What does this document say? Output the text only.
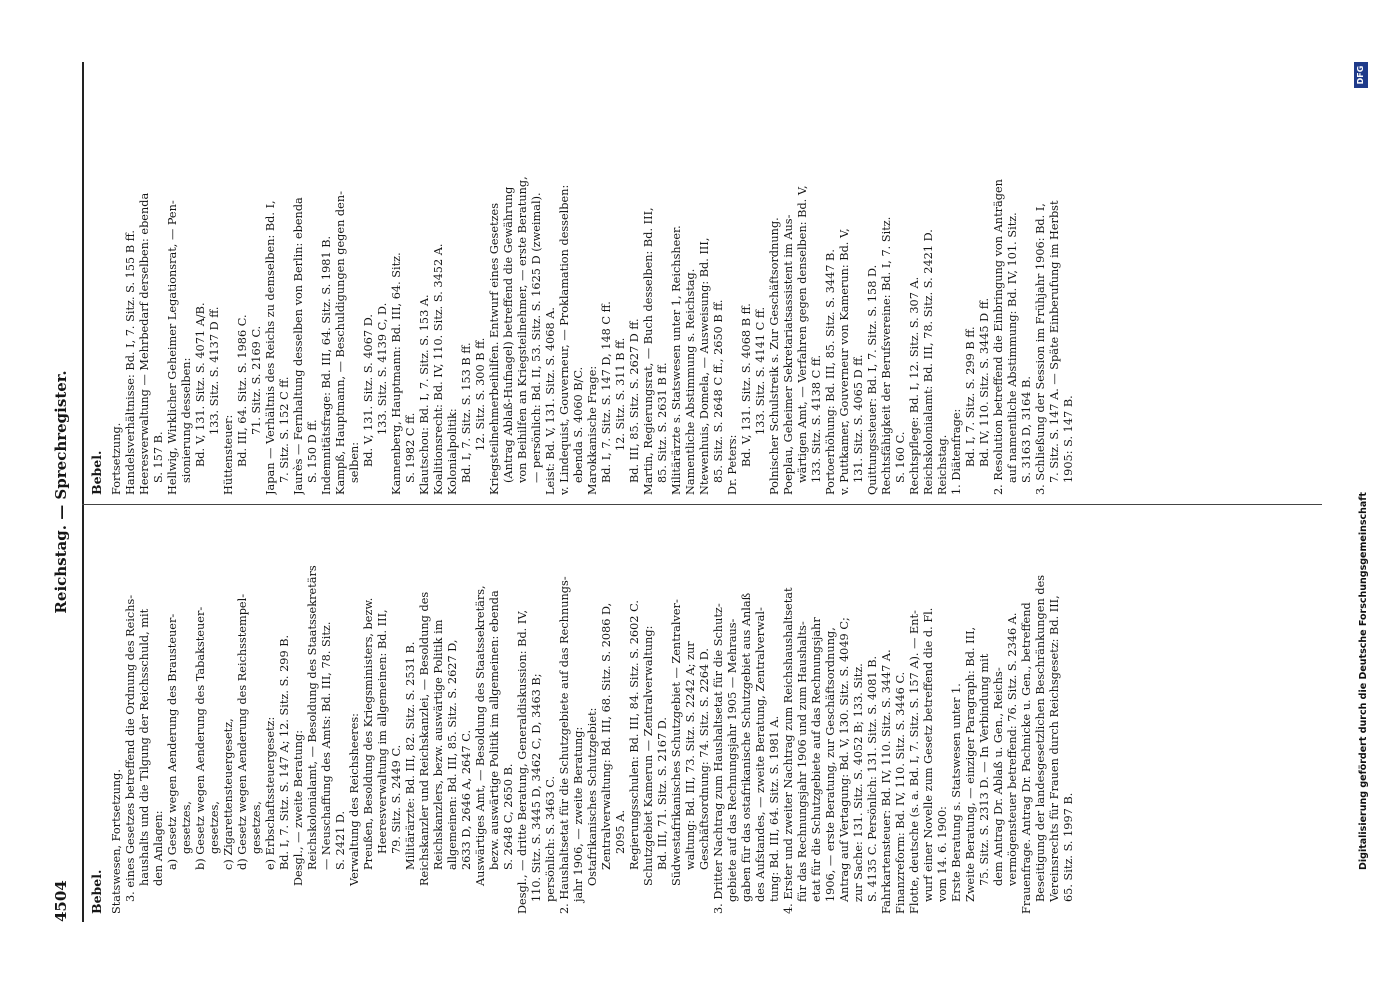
4504
Reichstag. — Sprechregister.
Bebel. Statswesen, Fortsetzung. 3. eines Gesetzes betreffend die Ordnung des Reichs- haushalts und die Tilgung der Reichsschuld, mit den Anlagen: a) Gesetz wegen Aenderung des Brausteuer- gesetzes, b) Gesetz wegen Aenderung des Tabaksteuer- gesetzes, c) Zigarettensteuergesetz, d) Gesetz wegen Aenderung des Reichsstempel- gesetzes, e) Erbschaftssteuergesetz: Bd. I, 7. Sitz. S. 147 A; 12. Sitz. S. 299 B. Desgl., — zweite Beratung: Reichskolonialamt, — Besoldung des Staatssekretärs — Neuschaffung des Amts: Bd. III, 78. Sitz. S. 2421 D. Verwaltung des Reichsheeres: Preußen, Besoldung des Kriegsministers, bezw. Heeresverwaltung im allgemeinen: Bd. III, 79. Sitz. S. 2449 C. Militärärzte: Bd. III, 82. Sitz. S. 2531 B. Reichskanzler und Reichskanzlei, — Besoldung des Reichskanzlers, bezw. auswärtige Politik im allgemeinen: Bd. III, 85. Sitz. S. 2627 D, 2633 D, 2646 A, 2647 C. Auswärtiges Amt, — Besoldung des Staatssekretärs, bezw. auswärtige Politik im allgemeinen: ebenda S. 2648 C, 2650 B. Desgl., — dritte Beratung, Generaldiskussion: Bd. IV, 110. Sitz. S. 3445 D, 3462 C, D, 3463 B; persönlich: S. 3463 C. 2. Haushaltsetat für die Schutzgebiete auf das Rechnungs- jahr 1906, — zweite Beratung: Ostafrikanisches Schutzgebiet: Zentralverwaltung: Bd. III, 68. Sitz. S. 2086 D, 2095 A. Regierungsschulen: Bd. III, 84. Sitz. S. 2602 C. Schutzgebiet Kamerun — Zentralverwaltung: Bd. III, 71. Sitz. S. 2167 D. Südwestafrikanisches Schutzgebiet — Zentralver- waltung: Bd. III, 73. Sitz. S. 2242 A; zur Geschäftsordnung: 74. Sitz. S. 2264 D. 3. Dritter Nachtrag zum Haushaltsetat für die Schutz- gebiete auf das Rechnungsjahr 1905 — Mehraus- gaben für das ostafrikanische Schutzgebiet aus Anlaß des Aufstandes, — zweite Beratung, Zentralverwal- tung: Bd. III, 64. Sitz. S. 1981 A. 4. Erster und zweiter Nachtrag zum Reichshaushaltsetat für das Rechnungsjahr 1906 und zum Haushalts- etat für die Schutzgebiete auf das Rechnungsjahr 1906, — erste Beratung, zur Geschäftsordnung, Antrag auf Vertagung: Bd. V, 130. Sitz. S. 4049 C; zur Sache: 131. Sitz. S. 4052 B; 133. Sitz. S. 4135 C. Persönlich: 131. Sitz. S. 4081 B. Fahrkartensteuer: Bd. IV, 110. Sitz. S. 3447 A. Finanzreform: Bd. IV, 110. Sitz. S. 3446 C. Flotte, deutsche (s. a. Bd. I, 7. Sitz. S. 157 A). — Ent- wurf einer Novelle zum Gesetz betreffend die d. Fl. vom 14. 6. 1900: Erste Beratung s. Statswesen unter 1. Zweite Beratung, — einziger Paragraph: Bd. III, 75. Sitz. S. 2313 D. — In Verbindung mit dem Antrag Dr. Ablaß u. Gen., Reichs- vermögensteuer betreffend: 76. Sitz. S. 2346 A. Frauenfrage. Antrag Dr. Pachnicke u. Gen., betreffend Beseitigung der landesgesetzlichen Beschränkungen des Vereinsrechts für Frauen durch Reichsgesetz: Bd. III, 65. Sitz. S. 1997 B.
Bebel. Fortsetzung. Handelsverhältnisse: Bd. I, 7. Sitz. S. 155 B ff. Heeresverwaltung — Mehrbedarf derselben: ebenda S. 157 B. Hellwig, Wirklicher Geheimer Legationsrat, — Pen- sionierung desselben: Bd. V, 131. Sitz. S. 4071 A/B. 133. Sitz. S. 4137 D ff.
Hüttensteuer: Bd. III, 64. Sitz. S. 1986 C. 71. Sitz. S. 2169 C. Japan — Verhältnis des Reichs zu demselben: Bd. I, 7. Sitz. S. 152 C ff. Jaurès — Fernhaltung desselben von Berlin: ebenda S. 150 D ff. Indemnitätsfrage: Bd. III, 64. Sitz. S. 1981 B. Kampß, Hauptmann, — Beschuldigungen gegen den- selben: Bd. V, 131. Sitz. S. 4067 D. 133. Sitz. S. 4139 C, D. Kannenberg, Hauptmann: Bd. III, 64. Sitz. S. 1982 C ff. Klautschou: Bd. I, 7. Sitz. S. 153 A. Koalitionsrecht: Bd. IV, 110. Sitz. S. 3452 A. Kolonialpolitik: Bd. I, 7. Sitz. S. 153 B ff. 12. Sitz. S. 300 B ff. Kriegsteilnehmerbeihilfen. Entwurf eines Gesetzes (Antrag Ablaß-Hufnagel) betreffend die Gewährung von Beihilfen an Kriegsteilnehmer, — erste Beratung, — persönlich: Bd. II, 53. Sitz. S. 1625 D (zweimal). Leist: Bd. V, 131. Sitz. S. 4068 A. v. Lindequist, Gouverneur, — Proklamation desselben: ebenda S. 4060 B/C. Marokkanische Frage: Bd. I, 7. Sitz. S. 147 D, 148 C ff. 12. Sitz. S. 311 B ff. Bd. III, 85. Sitz. S. 2627 D ff. Martin, Regierungsrat, — Buch desselben: Bd. III, 85. Sitz. S. 2631 B ff. Militärärzte s. Statswesen unter 1, Reichsheer. Namentliche Abstimmung s. Reichstag. Ntewenhuis, Domela, — Ausweisung: Bd. III, 85. Sitz. S. 2648 C ff., 2650 B ff. Dr. Peters: Bd. V, 131. Sitz. S. 4068 B ff. 133. Sitz. S. 4141 C ff. Polnischer Schulstreik s. Zur Geschäftsordnung. Poeplau, Geheimer Sekretariatsassistent im Aus- wärtigen Amt, — Verfahren gegen denselben: Bd. V, 133. Sitz. S. 4138 C ff. Portoerhöhung: Bd. III, 85. Sitz. S. 3447 B. v. Puttkamer, Gouverneur von Kamerun: Bd. V, 131. Sitz. S. 4065 D ff. Quittungssteuer: Bd. I, 7. Sitz. S. 158 D. Rechtsfähigkeit der Berufsvereine: Bd. I, 7. Sitz. S. 160 C. Rechtspflege: Bd. I, 12. Sitz. S. 307 A. Reichskolonialamt: Bd. III, 78. Sitz. S. 2421 D. Reichstag. 1. Diätenfrage: Bd. I, 7. Sitz. S. 299 B ff. Bd. IV, 110. Sitz. S. 3445 D ff. 2. Resolution betreffend die Einbringung von Anträgen auf namentliche Abstimmung: Bd. IV, 101. Sitz. S. 3163 D, 3164 B. 3. Schließung der Session im Frühjahr 1906: Bd. I, 7. Sitz. S. 147 A. — Späte Einberufung im Herbst 1905: S. 147 B.
Digitalisierung gefördert durch die Deutsche Forschungsgemeinschaft
DFG
